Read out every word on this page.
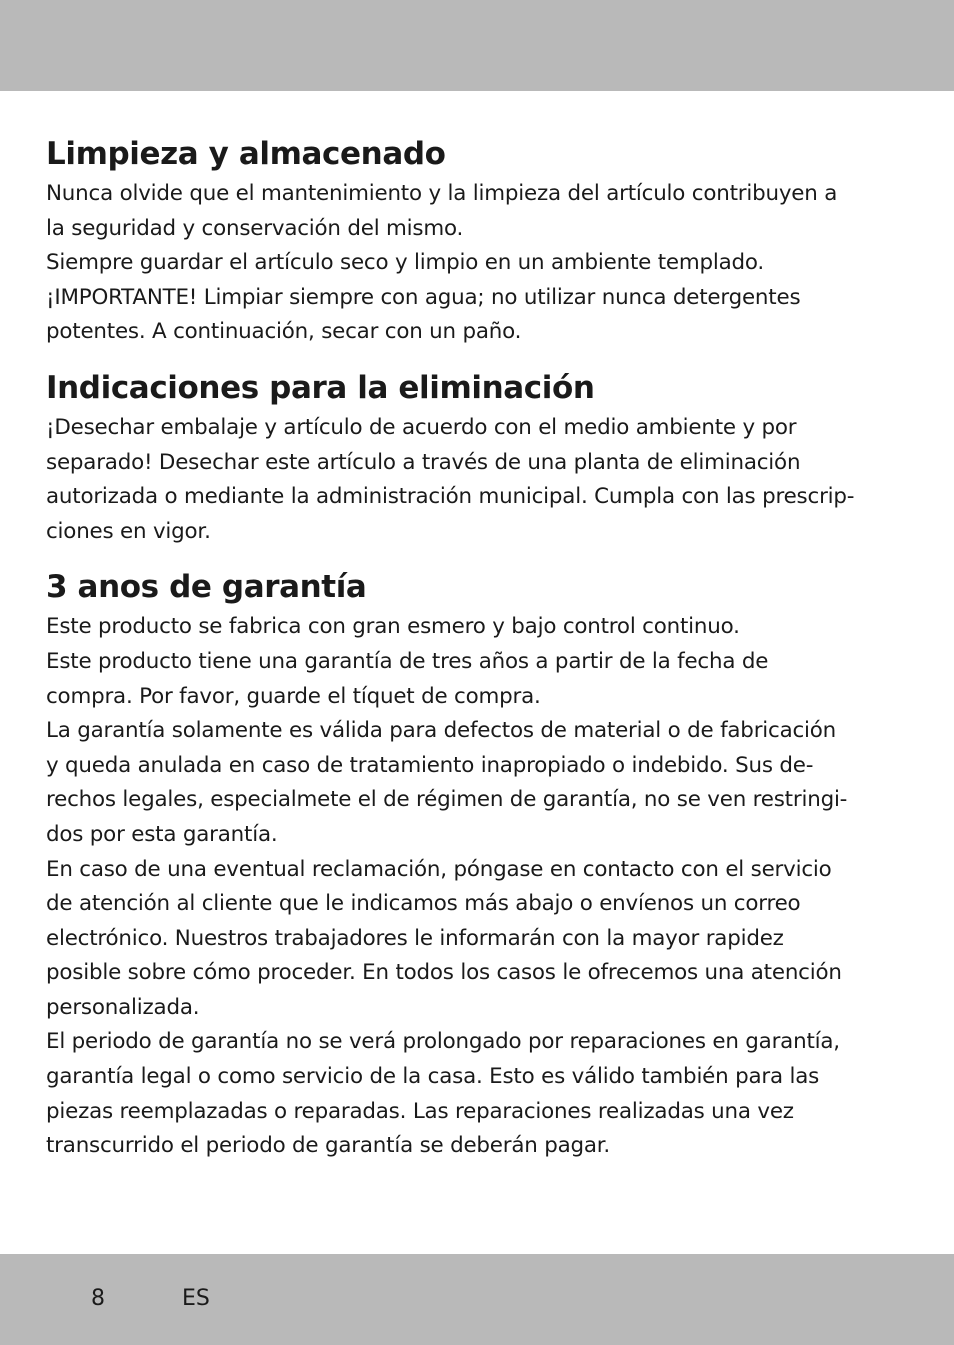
Limpieza y almacenado

Nunca olvide que el mantenimiento y la limpieza del artículo contribuyen a

la seguridad y conservación del mismo.

Siempre guardar el artículo seco y limpio en un ambiente templado.

¡IMPORTANTE! Limpiar siempre con agua; no utilizar nunca detergentes

potentes. A continuación, secar con un paño.

Indicaciones para la eliminación

¡Desechar embalaje y artículo de acuerdo con el medio ambiente y por

separado! Desechar este artículo a través de una planta de eliminación

autorizada o mediante la administración municipal. Cumpla con las prescrip-

ciones en vigor.

3 anos de garantía

Este producto se fabrica con gran esmero y bajo control continuo.

Este producto tiene una garantía de tres años a partir de la fecha de

compra. Por favor, guarde el tíquet de compra.

La garantía solamente es válida para defectos de material o de fabricación

y queda anulada en caso de tratamiento inapropiado o indebido. Sus de-

rechos legales, especialmete el de régimen de garantía, no se ven restringi-

dos por esta garantía.

En caso de una eventual reclamación, póngase en contacto con el servicio

de atención al cliente que le indicamos más abajo o envíenos un correo

electrónico. Nuestros trabajadores le informarán con la mayor rapidez

posible sobre cómo proceder. En todos los casos le ofrecemos una atención

personalizada.

El periodo de garantía no se verá prolongado por reparaciones en garantía,

garantía legal o como servicio de la casa. Esto es válido también para las

piezas reemplazadas o reparadas. Las reparaciones realizadas una vez

transcurrido el periodo de garantía se deberán pagar.

8	ES
